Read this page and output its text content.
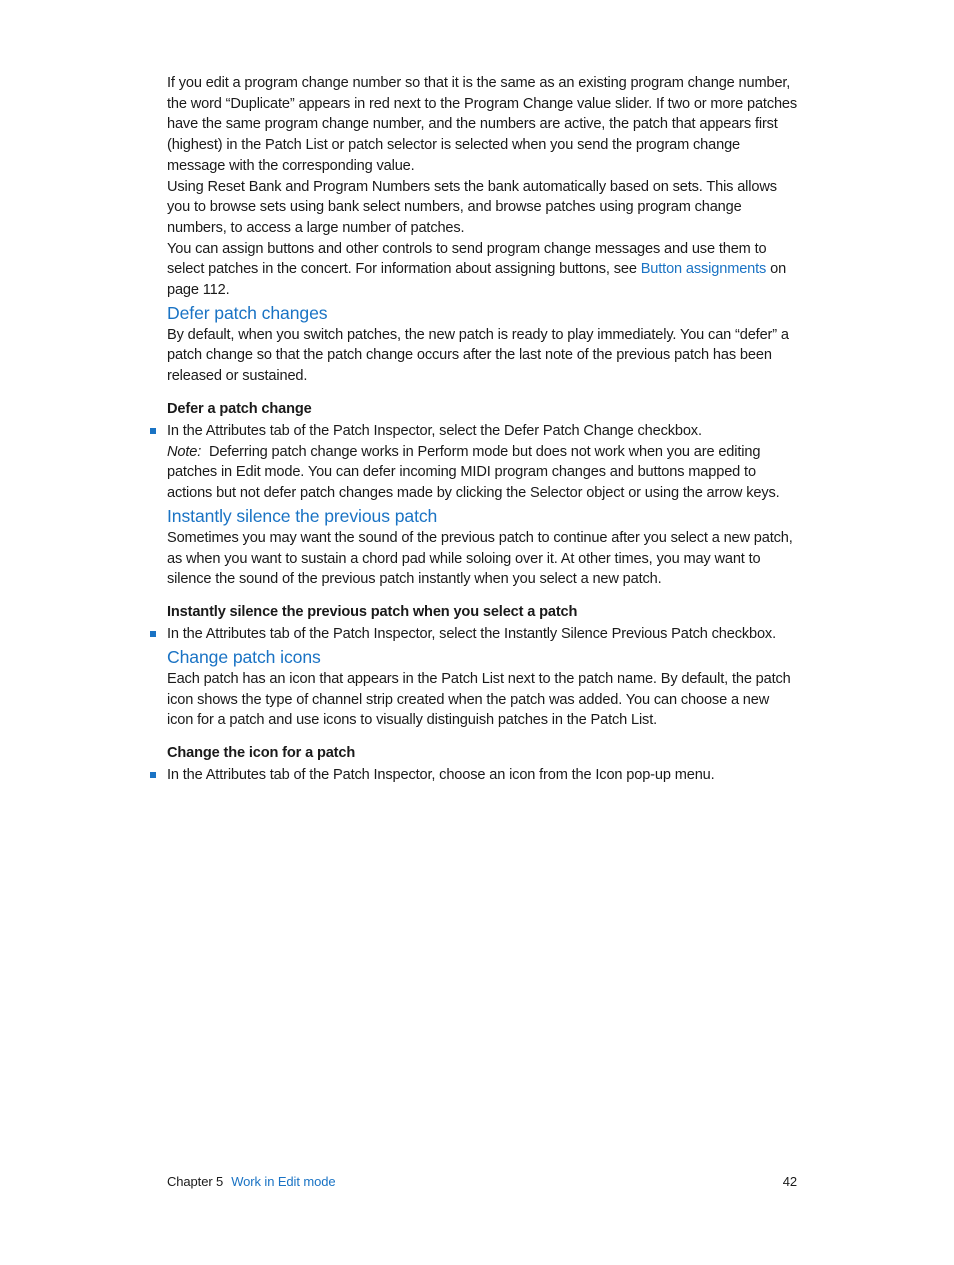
If you edit a program change number so that it is the same as an existing program change number, the word “Duplicate” appears in red next to the Program Change value slider. If two or more patches have the same program change number, and the numbers are active, the patch that appears first (highest) in the Patch List or patch selector is selected when you send the program change message with the corresponding value.

Using Reset Bank and Program Numbers sets the bank automatically based on sets. This allows you to browse sets using bank select numbers, and browse patches using program change numbers, to access a large number of patches.

You can assign buttons and other controls to send program change messages and use them to select patches in the concert. For information about assigning buttons, see Button assignments on page 112.

Defer patch changes

By default, when you switch patches, the new patch is ready to play immediately. You can “defer” a patch change so that the patch change occurs after the last note of the previous patch has been released or sustained.

Defer a patch change

In the Attributes tab of the Patch Inspector, select the Defer Patch Change checkbox.

Note: Deferring patch change works in Perform mode but does not work when you are editing patches in Edit mode. You can defer incoming MIDI program changes and buttons mapped to actions but not defer patch changes made by clicking the Selector object or using the arrow keys.

Instantly silence the previous patch

Sometimes you may want the sound of the previous patch to continue after you select a new patch, as when you want to sustain a chord pad while soloing over it. At other times, you may want to silence the sound of the previous patch instantly when you select a new patch.

Instantly silence the previous patch when you select a patch

In the Attributes tab of the Patch Inspector, select the Instantly Silence Previous Patch checkbox.

Change patch icons

Each patch has an icon that appears in the Patch List next to the patch name. By default, the patch icon shows the type of channel strip created when the patch was added. You can choose a new icon for a patch and use icons to visually distinguish patches in the Patch List.

Change the icon for a patch

In the Attributes tab of the Patch Inspector, choose an icon from the Icon pop-up menu.

Chapter 5 Work in Edit mode	42
